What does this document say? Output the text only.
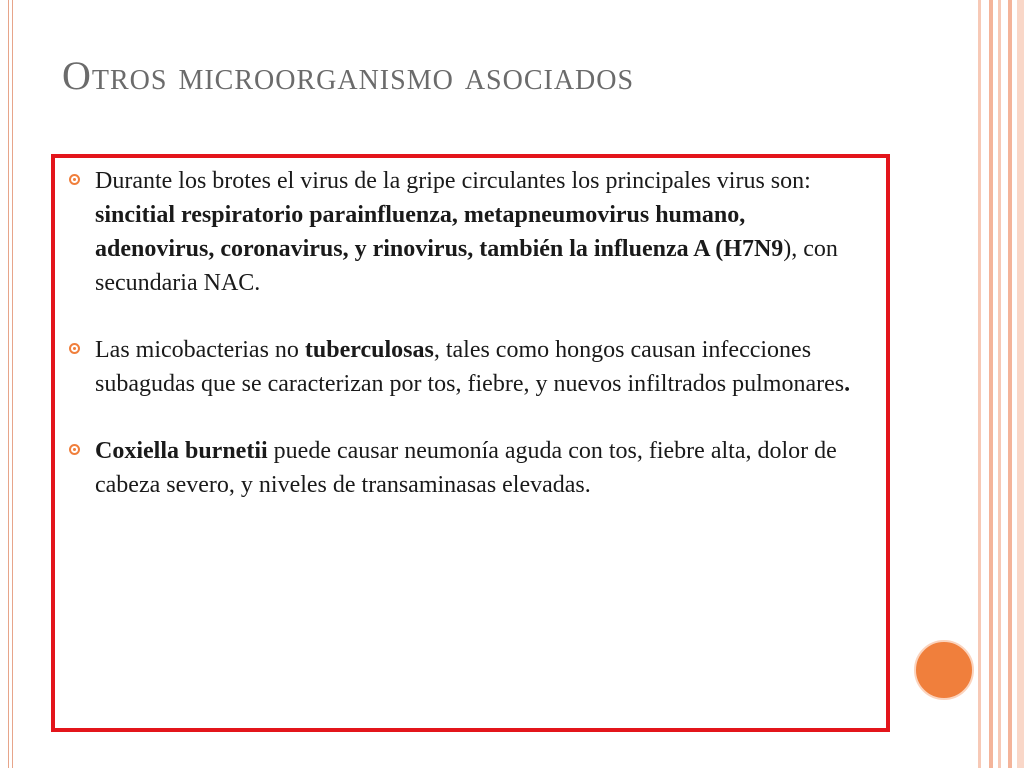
Otros microorganismo asociados
Durante los brotes el virus de la gripe circulantes los principales virus son: sincitial respiratorio parainfluenza, metapneumovirus humano, adenovirus, coronavirus, y rinovirus, también la influenza A (H7N9), con secundaria NAC.
Las micobacterias no tuberculosas, tales como hongos causan infecciones subagudas que se caracterizan por tos, fiebre, y nuevos infiltrados pulmonares.
Coxiella burnetii puede causar neumonía aguda con tos, fiebre alta, dolor de cabeza severo, y niveles de transaminasas elevadas.
